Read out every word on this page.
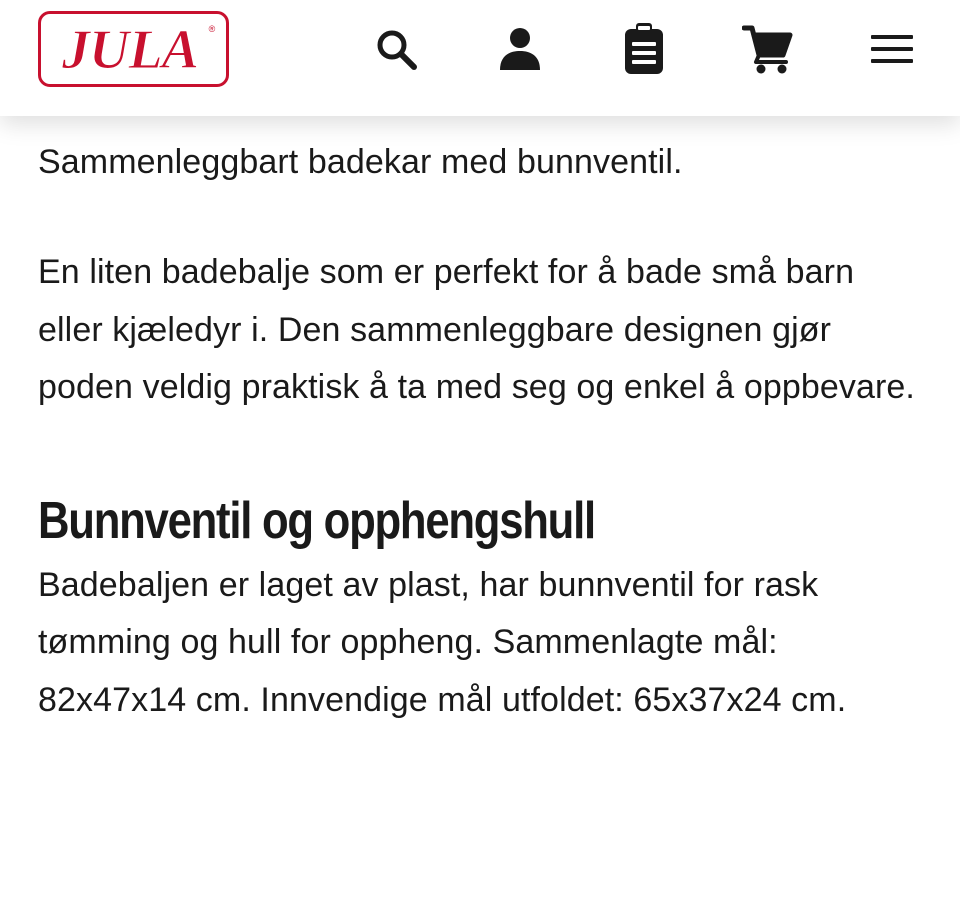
JULA ®

Sammenleggbart badekar med bunnventil.

En liten badebalje som er perfekt for å bade små barn eller kjæledyr i. Den sammenleggbare designen gjør poden veldig praktisk å ta med seg og enkel å oppbevare.

Bunnventil og opphengshull

Badebaljen er laget av plast, har bunnventil for rask tømming og hull for oppheng. Sammenlagte mål: 82x47x14 cm. Innvendige mål utfoldet: 65x37x24 cm.
